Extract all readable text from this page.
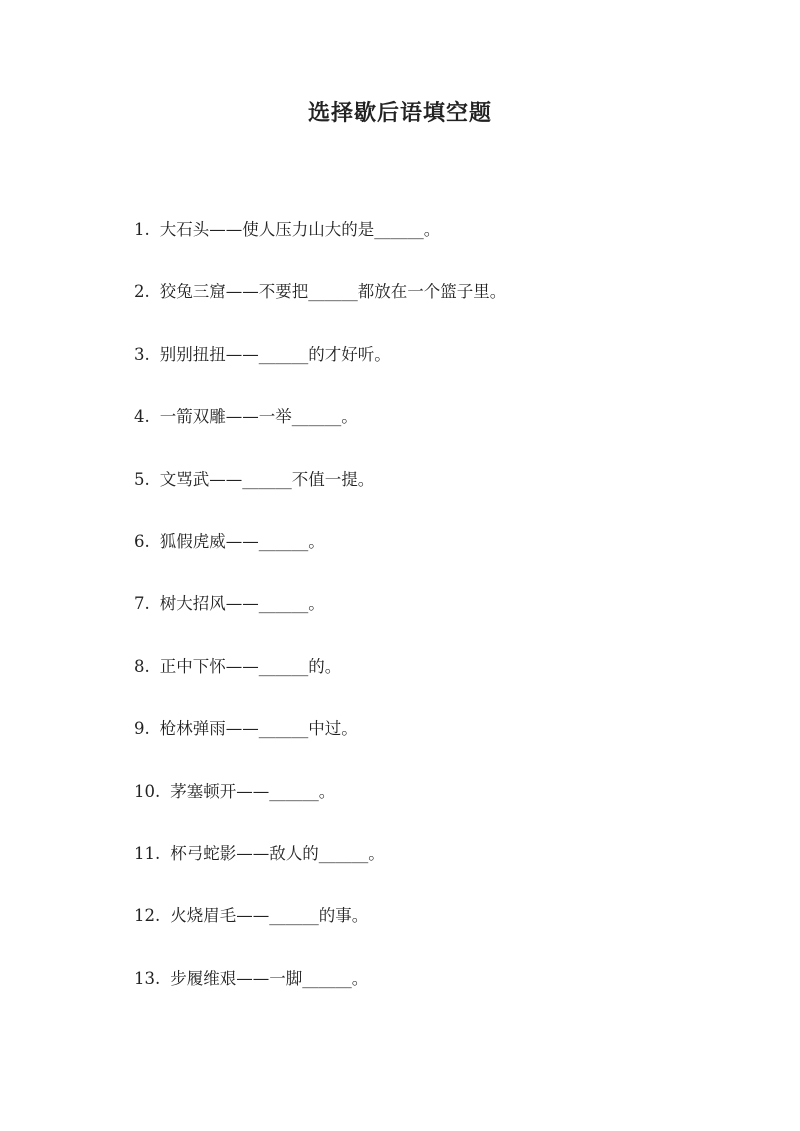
选择歇后语填空题
1. 大石头——使人压力山大的是______。
2. 狡兔三窟——不要把______都放在一个篮子里。
3. 别别扭扭——______的才好听。
4. 一箭双雕——一举______。
5. 文骂武——______不值一提。
6. 狐假虎威——______。
7. 树大招风——______。
8. 正中下怀——______的。
9. 枪林弹雨——______中过。
10. 茅塞顿开——______。
11. 杯弓蛇影——敌人的______。
12. 火烧眉毛——______的事。
13. 步履维艰——一脚______。
